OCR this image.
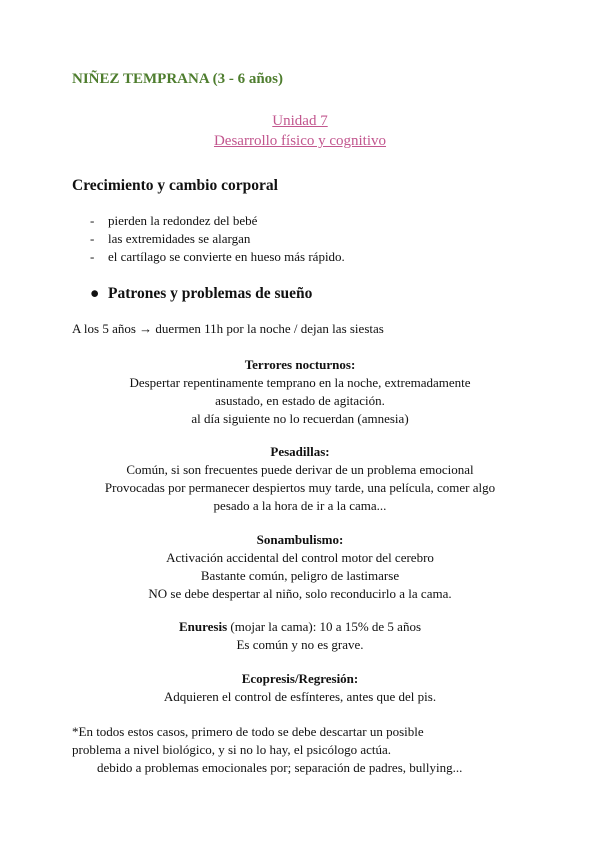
NIÑEZ TEMPRANA (3 - 6 años)
Unidad 7
Desarrollo físico y cognitivo
Crecimiento y cambio corporal
- pierden la redondez del bebé
- las extremidades se alargan
- el cartílago se convierte en hueso más rápido.
● Patrones y problemas de sueño
A los 5 años → duermen 11h por la noche / dejan las siestas
Terrores nocturnos:
Despertar repentinamente temprano en la noche, extremadamente
asustado, en estado de agitación.
al día siguiente no lo recuerdan (amnesia)
Pesadillas:
Común, si son frecuentes puede derivar de un problema emocional
Provocadas por permanecer despiertos muy tarde, una película, comer algo
pesado a la hora de ir a la cama...
Sonambulismo:
Activación accidental del control motor del cerebro
Bastante común, peligro de lastimarse
NO se debe despertar al niño, solo reconducirlo a la cama.
Enuresis (mojar la cama): 10 a 15% de 5 años
Es común y no es grave.
Ecopresis/Regresión:
Adquieren el control de esfínteres, antes que del pis.
*En todos estos casos, primero de todo se debe descartar un posible
problema a nivel biológico, y si no lo hay, el psicólogo actúa.
debido a problemas emocionales por; separación de padres, bullying...
